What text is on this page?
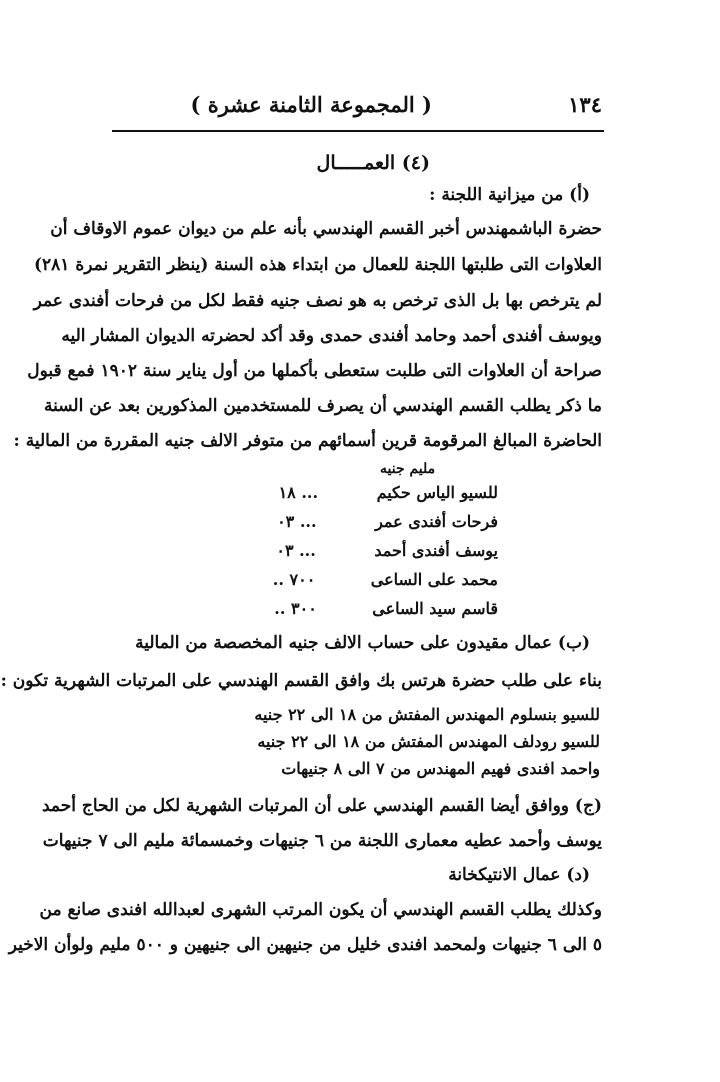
١٣٤
( المجموعة الثامنة عشرة )
(٤) العمـــــال
(أ) من ميزانية اللجنة :
حضرة الباشمهندس أخبر القسم الهندسي بأنه علم من ديوان عموم الاوقاف أن
العلاوات التى طلبتها اللجنة للعمال من ابتداء هذه السنة (ينظر التقرير نمرة ٢٨١)
لم يترخص بها بل الذى ترخص به هو نصف جنيه فقط لكل من فرحات أفندى عمر
ويوسف أفندى أحمد وحامد أفندى حمدى وقد أكد لحضرته الديوان المشار اليه
صراحة أن العلاوات التى طلبت ستعطى بأكملها من أول يناير سنة ١٩٠٢ فمع قبول
ما ذكر يطلب القسم الهندسي أن يصرف للمستخدمين المذكورين بعد عن السنة
الحاضرة المبالغ المرقومة قرين أسمائهم من متوفر الالف جنيه المقررة من المالية :
مليم جنيه
للسيو الياس حكيم١٨ ...
فرحات أفندى عمر٠٣ ...
يوسف أفندى أحمد٠٣ ...
محمد على الساعى.. ٧٠٠
قاسم سيد الساعى.. ٣٠٠
(ب) عمال مقيدون على حساب الالف جنيه المخصصة من المالية
بناء على طلب حضرة هرتس بك وافق القسم الهندسي على المرتبات الشهرية تكون :
للسيو بنسلوم المهندس المفتش من ١٨ الى ٢٢ جنيه
للسيو رودلف المهندس المفتش من ١٨ الى ٢٢ جنيه
واحمد افندى فهيم المهندس من ٧ الى ٨ جنيهات
(ج) ووافق أيضا القسم الهندسي على أن المرتبات الشهرية لكل من الحاج أحمد
يوسف وأحمد عطيه معمارى اللجنة من ٦ جنيهات وخمسمائة مليم الى ٧ جنيهات
(د) عمال الانتيكخانة
وكذلك يطلب القسم الهندسي أن يكون المرتب الشهرى لعبدالله افندى صانع من
٥ الى ٦ جنيهات ولمحمد افندى خليل من جنيهين الى جنيهين و ٥٠٠ مليم ولوأن الاخير
